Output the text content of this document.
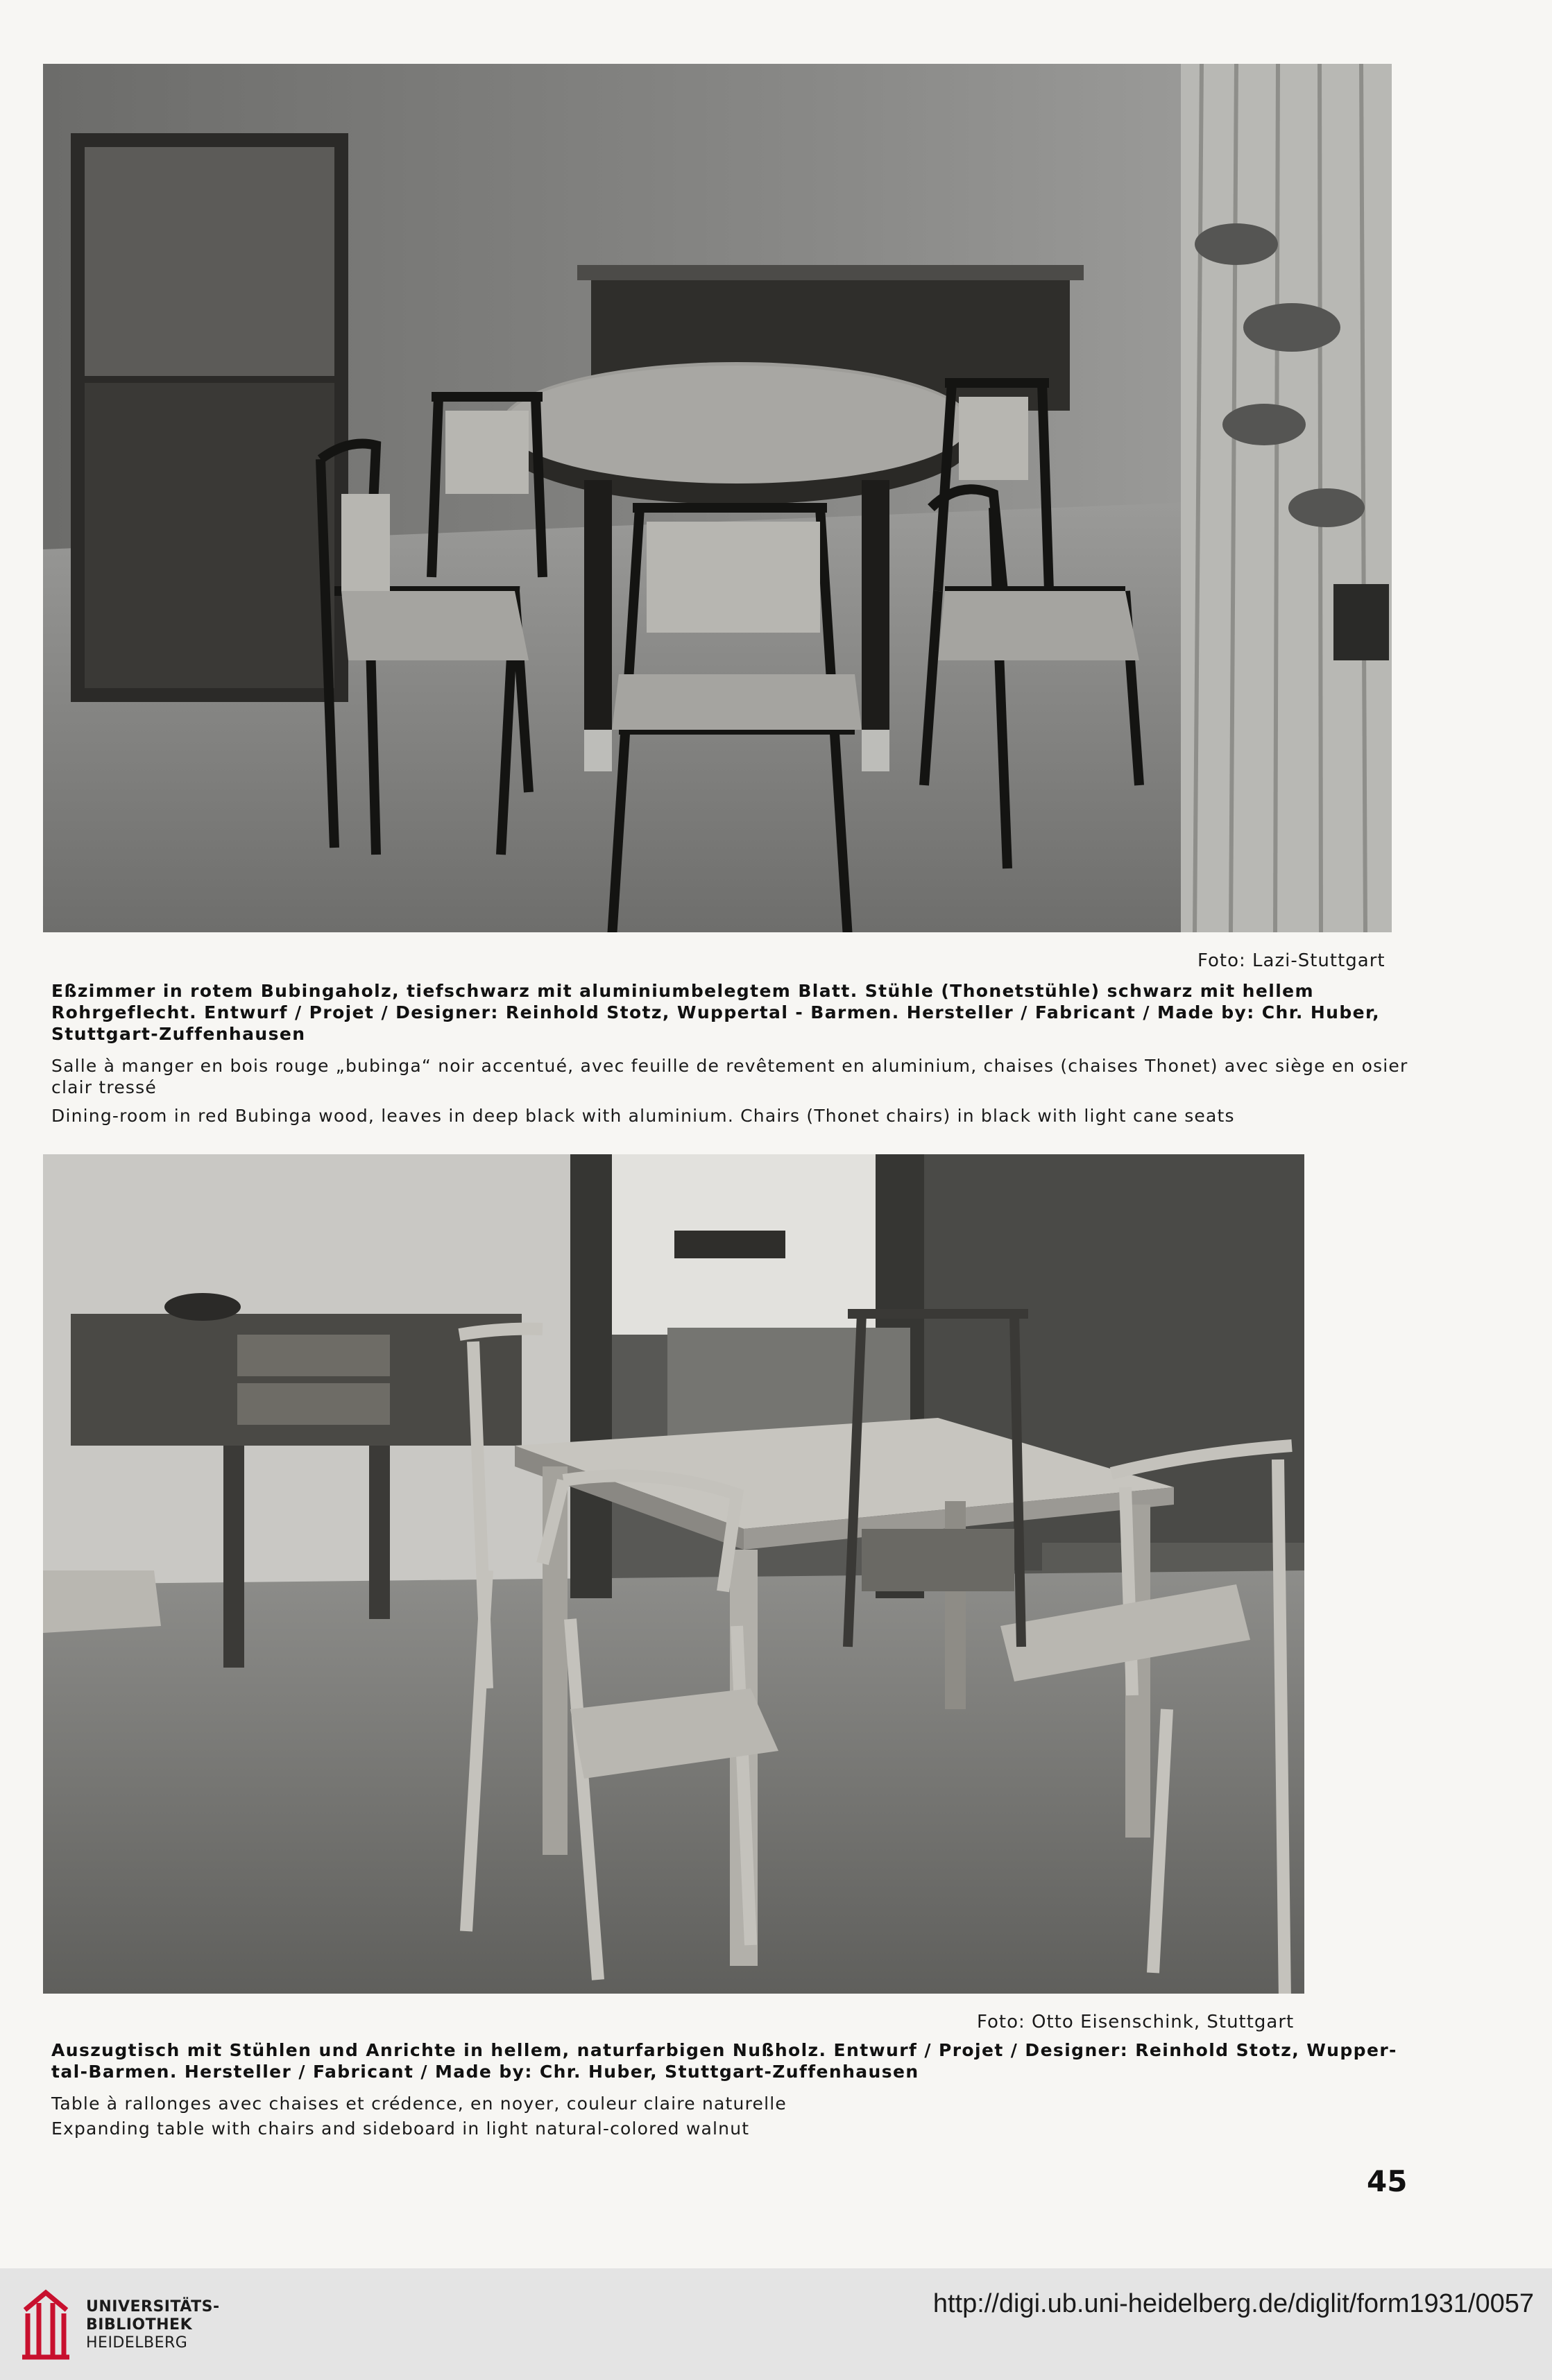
Foto: Lazi-Stuttgart
Eßzimmer in rotem Bubingaholz, tiefschwarz mit aluminiumbelegtem Blatt. Stühle (Thonetstühle) schwarz mit hellem Rohrgeflecht. Entwurf / Projet / Designer: Reinhold Stotz, Wuppertal - Barmen. Hersteller / Fabricant / Made by: Chr. Huber, Stuttgart-Zuffenhausen
Salle à manger en bois rouge „bubinga“ noir accentué, avec feuille de revêtement en aluminium, chaises (chaises Thonet) avec siège en osier clair tressé
Dining-room in red Bubinga wood, leaves in deep black with aluminium. Chairs (Thonet chairs) in black with light cane seats
Foto: Otto Eisenschink, Stuttgart
Auszugtisch mit Stühlen und Anrichte in hellem, naturfarbigen Nußholz. Entwurf / Projet / Designer: Reinhold Stotz, Wupper-tal-Barmen. Hersteller / Fabricant / Made by: Chr. Huber, Stuttgart-Zuffenhausen
Table à rallonges avec chaises et crédence, en noyer, couleur claire naturelle
Expanding table with chairs and sideboard in light natural-colored walnut
45
UNIVERSITÄTS-
BIBLIOTHEK
HEIDELBERG
http://digi.ub.uni-heidelberg.de/diglit/form1931/0057
